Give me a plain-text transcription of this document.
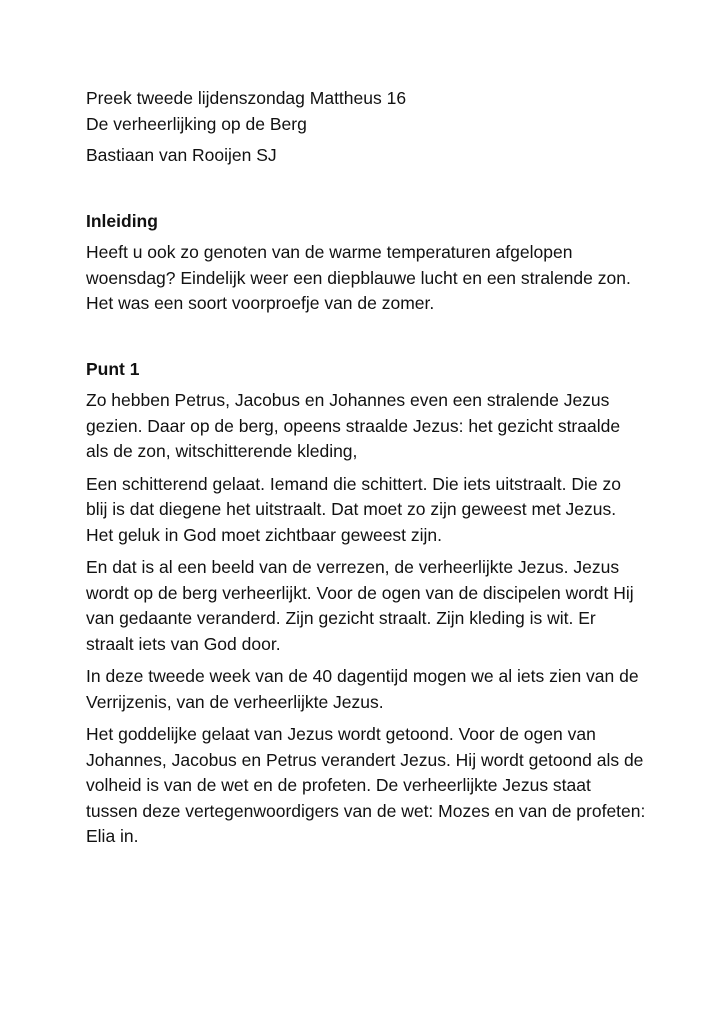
Preek tweede lijdenszondag Mattheus 16

De verheerlijking op de Berg

Bastiaan van Rooijen SJ

Inleiding

Heeft u ook zo genoten van de warme temperaturen afgelopen woensdag? Eindelijk weer een diepblauwe lucht en een stralende zon. Het was een soort voorproefje van de zomer.

Punt 1

Zo hebben Petrus, Jacobus en Johannes even een stralende Jezus gezien. Daar op de berg, opeens straalde Jezus: het gezicht straalde als de zon, witschitterende kleding,

Een schitterend gelaat. Iemand die schittert. Die iets uitstraalt. Die zo blij is dat diegene het uitstraalt. Dat moet zo zijn geweest met Jezus. Het geluk in God moet zichtbaar geweest zijn.

En dat is al een beeld van de verrezen, de verheerlijkte Jezus. Jezus wordt op de berg verheerlijkt. Voor de ogen van de discipelen wordt Hij van gedaante veranderd. Zijn gezicht straalt. Zijn kleding is wit. Er straalt iets van God door.

In deze tweede week van de 40 dagentijd mogen we al iets zien van de Verrijzenis, van de verheerlijkte Jezus.

Het goddelijke gelaat van Jezus wordt getoond. Voor de ogen van Johannes, Jacobus en Petrus verandert Jezus. Hij wordt getoond als de volheid is van de wet en de profeten. De verheerlijkte Jezus staat tussen deze vertegenwoordigers van de wet: Mozes en van de profeten: Elia in.
